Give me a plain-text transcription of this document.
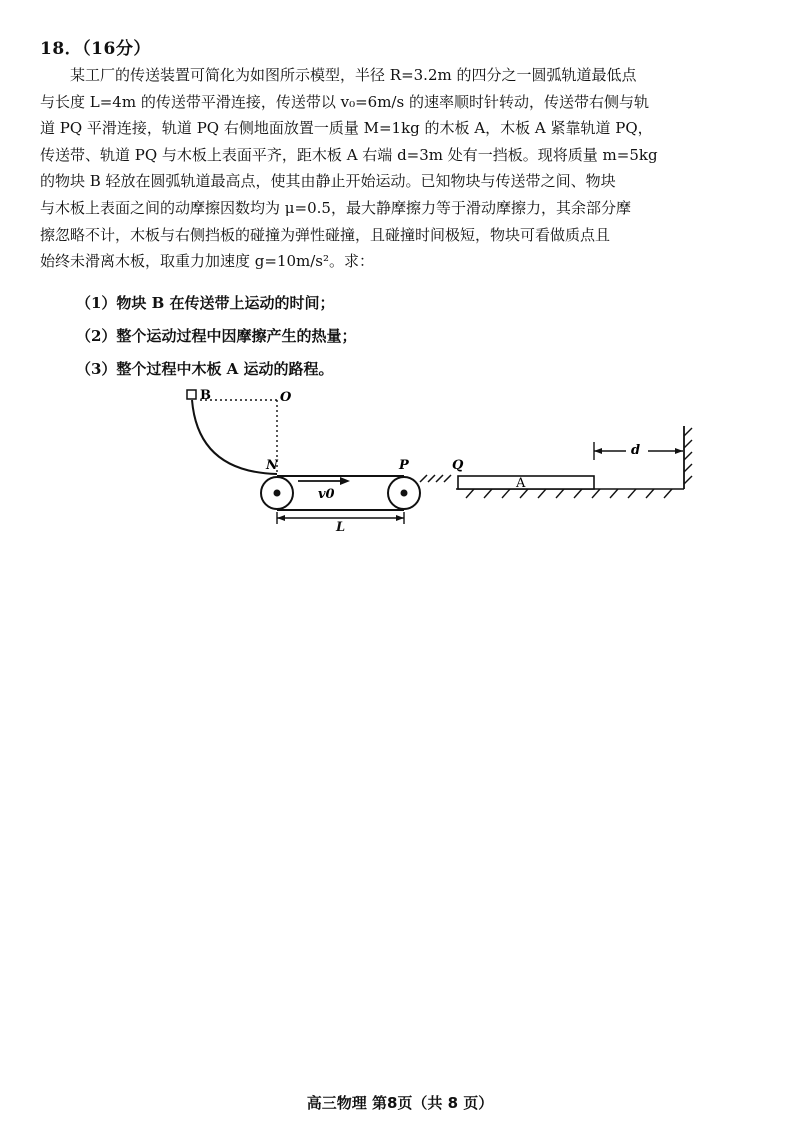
18．（16分）
某工厂的传送装置可简化为如图所示模型，半径 R=3.2m 的四分之一圆弧轨道最低点
与长度 L=4m 的传送带平滑连接，传送带以 v₀=6m/s 的速率顺时针转动，传送带右侧与轨
道 PQ 平滑连接，轨道 PQ 右侧地面放置一质量 M=1kg 的木板 A，木板 A 紧靠轨道 PQ，
传送带、轨道 PQ 与木板上表面平齐，距木板 A 右端 d=3m 处有一挡板。现将质量 m=5kg
的物块 B 轻放在圆弧轨道最高点，使其由静止开始运动。已知物块与传送带之间、物块
与木板上表面之间的动摩擦因数均为 μ=0.5，最大静摩擦力等于滑动摩擦力，其余部分摩
擦忽略不计，木板与右侧挡板的碰撞为弹性碰撞，且碰撞时间极短，物块可看做质点且
始终未滑离木板，取重力加速度 g=10m/s²。求：
（1）物块 B 在传送带上运动的时间；
（2）整个运动过程中因摩擦产生的热量；
（3）整个过程中木板 A 运动的路程。
B	O
N
v0
P
L
Q
A
d
高三物理 第8页（共 8 页）
